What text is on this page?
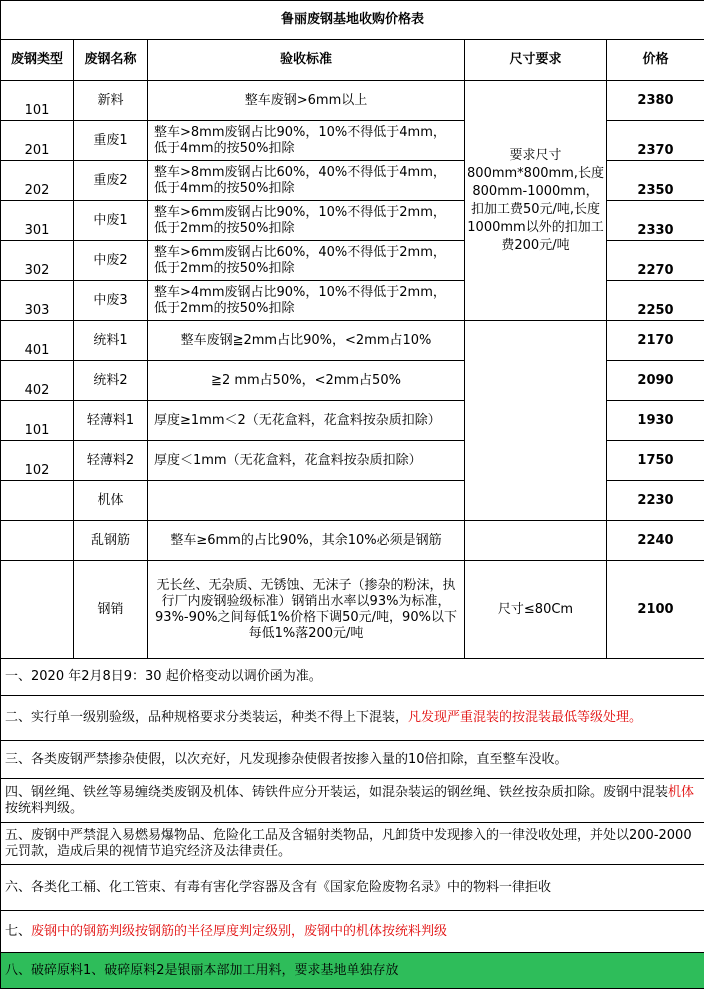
鲁丽废钢基地收购价格表				
废钢类型	废钢名称	验收标准	尺寸要求	价格
101	新料	整车废钢>6mm以上	要求尺寸800mm*800mm,长度800mm-1000mm，扣加工费50元/吨,长度1000mm以外的扣加工费200元/吨	2380
201	重废1	整车>8mm废钢占比90%，10%不得低于4mm，低于4mm的按50%扣除		2370
202	重废2	整车>8mm废钢占比60%，40%不得低于4mm，低于4mm的按50%扣除		2350
301	中废1	整车>6mm废钢占比90%，10%不得低于2mm，低于2mm的按50%扣除		2330
302	中废2	整车>6mm废钢占比60%，40%不得低于2mm，低于2mm的按50%扣除		2270
303	中废3	整车>4mm废钢占比90%，10%不得低于2mm，低于2mm的按50%扣除		2250
401	统料1	整车废钢≧2mm占比90%，<2mm占10%		2170
402	统料2	≧2 mm占50%，<2mm占50%		2090
101	轻薄料1	厚度≥1mm＜2（无花盒料，花盒料按杂质扣除）		1930
102	轻薄料2	厚度＜1mm（无花盒料，花盒料按杂质扣除）		1750
	机体			2230
	乱钢筋	整车≥6mm的占比90%，其余10%必须是钢筋		2240
	钢销	无长丝、无杂质、无锈蚀、无沫子（掺杂的粉沫，执行厂内废钢验级标准）钢销出水率以93%为标准，93%-90%之间每低1%价格下调50元/吨，90%以下每低1%落200元/吨	尺寸≤80Cm	2100
一、2020 年2月8日9：30 起价格变动以调价函为准。				
二、实行单一级别验级，品种规格要求分类装运，种类不得上下混装，凡发现严重混装的按混装最低等级处理。				
三、各类废钢严禁掺杂使假，以次充好，凡发现掺杂使假者按掺入量的10倍扣除，直至整车没收。				
四、钢丝绳、铁丝等易缠绕类废钢及机体、铸铁件应分开装运，如混杂装运的钢丝绳、铁丝按杂质扣除。废钢中混装机体按统料判级。				
五、废钢中严禁混入易燃易爆物品、危险化工品及含辐射类物品，凡卸货中发现掺入的一律没收处理，并处以200-2000元罚款，造成后果的视情节追究经济及法律责任。				
六、各类化工桶、化工管束、有毒有害化学容器及含有《国家危险废物名录》中的物料一律拒收				
七、废钢中的钢筋判级按钢筋的半径厚度判定级别，废钢中的机体按统料判级				
八、破碎原料1、破碎原料2是银丽本部加工用料，要求基地单独存放				
